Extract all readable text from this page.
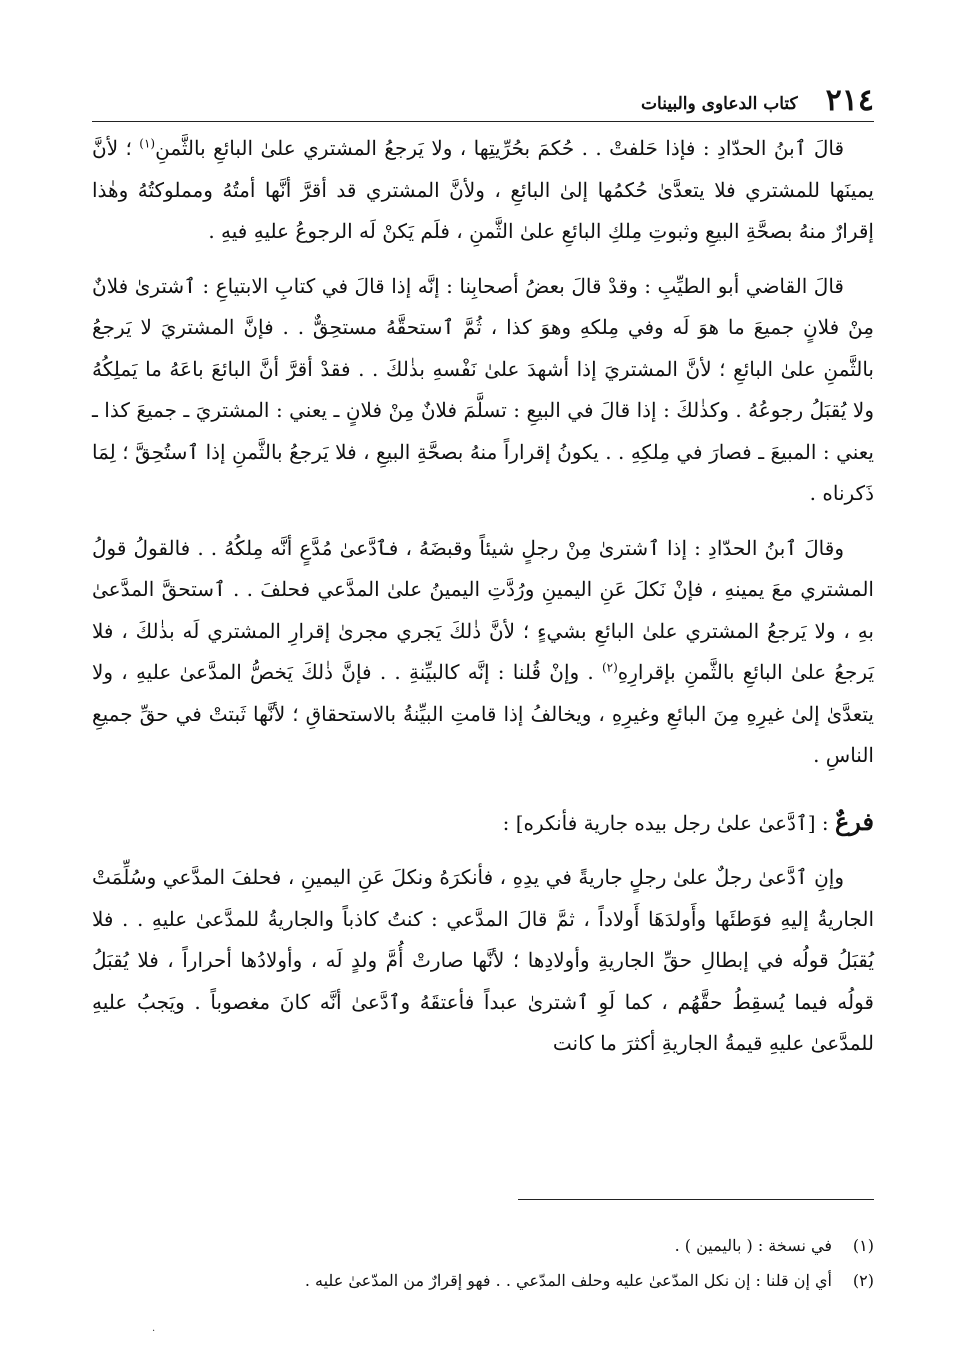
٢١٤
كتاب الدعاوى والبينات

قالَ ٱبنُ الحدّادِ : فإذا حَلفتْ . . حُكمَ بحُرِّيتِها ، ولا يَرجعُ المشتري علىٰ البائعِ بالثَّمنِ$^{(١)}$ ؛ لأنَّ يمينَها للمشتري فلا يتعدَّىٰ حُكمُها إلىٰ البائعِ ، ولأنَّ المشتري قد أقرَّ أنَّها أمتُهُ ومملوكتُهُ وهٰذا إقرارٌ منهُ بصحَّةِ البيعِ وثبوتِ مِلكِ البائعِ علىٰ الثَّمنِ ، فلَم يَكنْ لَه الرجوعُ عليهِ فيهِ .

قالَ القاضي أبو الطيِّبِ : وقدْ قالَ بعضُ أصحابِنا : إنَّه إذا قالَ في كتابِ الابتياعِ : ٱشترىٰ فلانٌ مِنْ فلانٍ جميعَ ما هوَ لَه وفي مِلكهِ وهوَ كذا ، ثُمَّ ٱستحقَّهُ مستحِقٌّ . . فإنَّ المشتريَ لا يَرجعُ بالثَّمنِ علىٰ البائعِ ؛ لأنَّ المشتريَ إذا أشهدَ علىٰ نَفْسهِ بذٰلكَ . . فقدْ أقرَّ أنَّ البائعَ باعَهُ ما يَملِكُهُ ولا يُقبَلُ رجوعُهُ . وكذٰلكَ : إذا قالَ في البيعِ : تسلَّمَ فلانٌ مِنْ فلانٍ ـ يعني : المشتريَ ـ جميعَ كذا ـ يعني : المبيعَ ـ فصارَ في مِلكِهِ . . يكونُ إقراراً منهُ بصحَّةِ البيعِ ، فلا يَرجعُ بالثَّمنِ إذا ٱستُحِقَّ ؛ لِمَا ذَكرناه .

وقالَ ٱبنُ الحدّادِ : إذا ٱشترىٰ مِنْ رجلٍ شيئاً وقبضَهُ ، فٱدَّعىٰ مُدَّعٍ أنَّه مِلكُهُ . . فالقولُ قولُ المشتري معَ يمينهِ ، فإنْ نَكلَ عَنِ اليمينِ ورُدَّتِ اليمينُ علىٰ المدَّعي فحلفَ . . ٱستحقَّ المدَّعىٰ بهِ ، ولا يَرجعُ المشتري علىٰ البائعِ بشيءٍ ؛ لأنَّ ذٰلكَ يَجري مجرىٰ إقرارِ المشتري لَه بذٰلكَ ، فلا يَرجعُ علىٰ البائعِ بالثَّمنِ بإقرارِهِ$^{(٢)}$ . وإنْ قُلنا : إنَّه كالبيِّنةِ . . فإنَّ ذٰلكَ يَخصُّ المدَّعىٰ عليهِ ، ولا يتعدَّىٰ إلىٰ غيرِهِ مِنَ البائعِ وغيرِهِ ، ويخالفُ إذا قامتِ البيِّنةُ بالاستحقاقِ ؛ لأنَّها ثَبتتْ في حقِّ جميعِ الناسِ .

فرعٌ : [ٱدَّعىٰ علىٰ رجل بيده جارية فأنكره] :

وإنِ ٱدَّعىٰ رجلٌ علىٰ رجلٍ جاريةً في يدِهِ ، فأنكرَهُ ونكلَ عَنِ اليمينِ ، فحلفَ المدَّعي وسُلِّمَتْ الجاريةُ إليهِ فوَطئَها وأَولدَهَا أَولاداً ، ثمَّ قالَ المدَّعي : كنتُ كاذباً والجاريةُ للمدَّعىٰ عليهِ . . فلا يُقبَلُ قولُه في إبطالِ حقِّ الجاريةِ وأولادِها ؛ لأنَّها صارتْ أُمَّ ولدٍ لَه ، وأولادُها أحراراً ، فلا يُقبَلُ قولُه فيما يُسقِطُ حقَّهُم ، كما لَوِ ٱشترىٰ عبداً فأعتقَهُ وٱدَّعىٰ أنَّه كانَ مغصوباً . ويَجبُ عليهِ للمدَّعىٰ عليهِ قيمةُ الجاريةِ أكثرَ ما كانت

(١)
في نسخة : ( باليمين ) .
(٢)
أي إن قلنا : إن نكل المدّعىٰ عليه وحلف المدّعي . . فهو إقرارٌ من المدّعىٰ عليه .
.
